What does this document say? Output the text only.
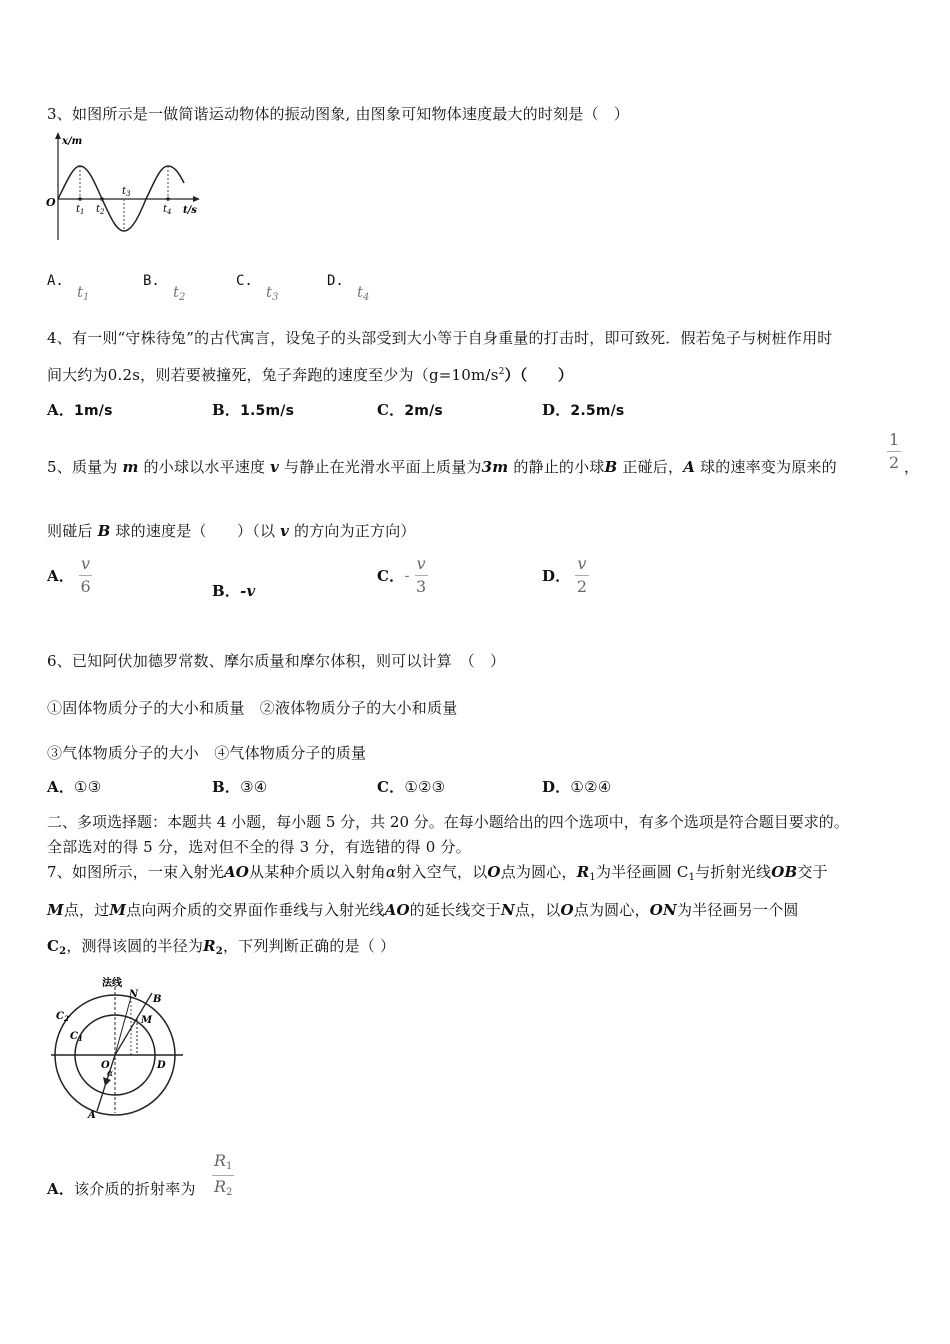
3、如图所示是一做简谐运动物体的振动图象, 由图象可知物体速度最大的时刻是（　）
x/m
O
t/s
$t_1$ $t_2$
$t_3$
$t_4$
A. $t_1$
B. $t_2$
C. $t_3$
D. $t_4$
4、有一则“守株待兔”的古代寓言，设兔子的头部受到大小等于自身重量的打击时，即可致死．假若兔子与树桩作用时
间大约为0.2s，则若要被撞死，兔子奔跑的速度至少为$(g=10m/s^2)$（　　）
A．1m/s	B．1.5m/s	C．2m/s	D．2.5m/s
5、质量为 m 的小球以水平速度 v 与静止在光滑水平面上质量为3m 的静止的小球B 正碰后，A 球的速率变为原来的	$\frac{1}{2}$ ，
则碰后 B 球的速度是（　　）（以 v 的方向为正方向）
A． $\frac{v}{6}$	B．-v
C．- $\frac{v}{3}$	D． $\frac{v}{2}$
6、已知阿伏加德罗常数、摩尔质量和摩尔体积，则可以计算　（　）
①固体物质分子的大小和质量　②液体物质分子的大小和质量
③气体物质分子的大小　④气体物质分子的质量
A．①③	B．③④	C．①②③	D．①②④
二、多项选择题：本题共 4 小题，每小题 5 分，共 20 分。在每小题给出的四个选项中，有多个选项是符合题目要求的。
全部选对的得 5 分，选对但不全的得 3 分，有选错的得 0 分。
7、如图所示，一束入射光AO从某种介质以入射角α射入空气，以O点为圆心，$R_1$为半径画圆 $C_1$与折射光线OB交于
M点，过M点向两介质的交界面作垂线与入射光线AO的延长线交于N点，以O点为圆心，ON为半径画另一个圆
$C_2$，测得该圆的半径为$R_2$，下列判断正确的是（ ）
法线
N B
M
$C_2$
$C_1$
O	D
α
A
A．该介质的折射率为 $\frac{R_1}{R_2}$
